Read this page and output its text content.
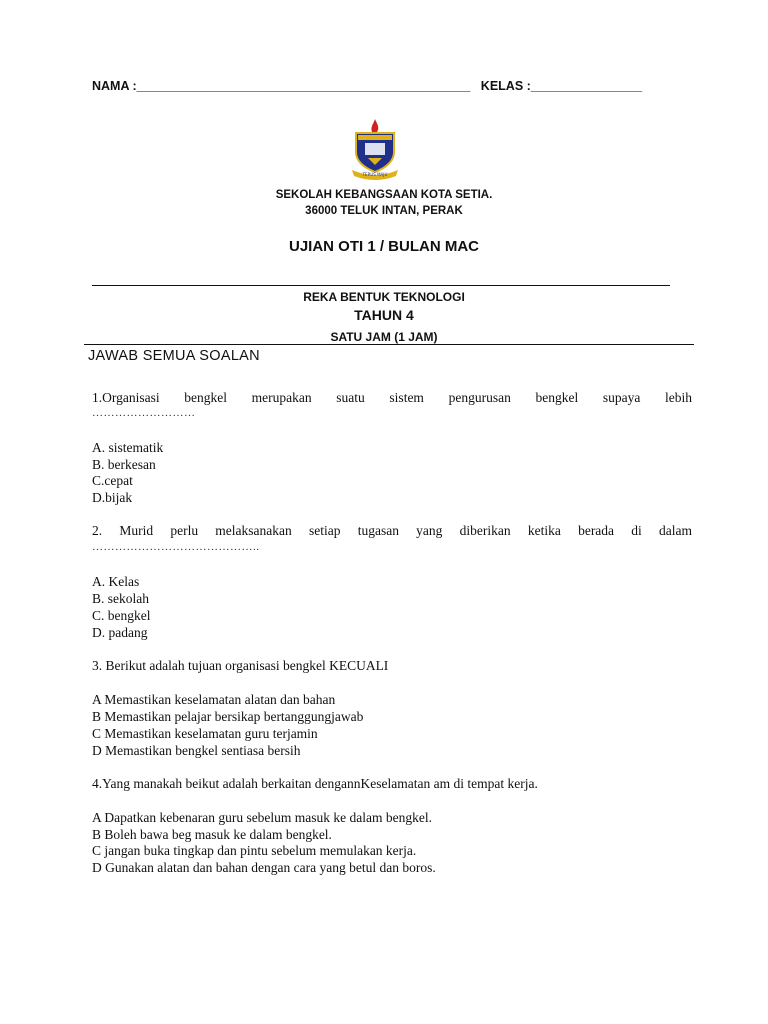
NAMA :________________________________________________ KELAS :________________
TERUS MAJU
SEKOLAH KEBANGSAAN KOTA SETIA.
36000 TELUK INTAN, PERAK
UJIAN OTI 1 / BULAN MAC
REKA BENTUK TEKNOLOGI
TAHUN 4
SATU JAM (1 JAM)
JAWAB SEMUA SOALAN
1.Organisasi bengkel merupakan suatu sistem pengurusan bengkel supaya lebih
………………………
A. sistematik
B. berkesan
C.cepat
D.bijak
2. Murid perlu melaksanakan setiap tugasan yang diberikan ketika berada di dalam
……………………………………..
A. Kelas
B. sekolah
C. bengkel
D. padang
3. Berikut adalah tujuan organisasi bengkel KECUALI
A Memastikan keselamatan alatan dan bahan
B Memastikan pelajar bersikap bertanggungjawab
C Memastikan keselamatan guru terjamin
D Memastikan bengkel sentiasa bersih
4.Yang manakah beikut adalah berkaitan dengannKeselamatan am di tempat kerja.
A Dapatkan kebenaran guru sebelum masuk ke dalam bengkel.
B Boleh bawa beg masuk ke dalam bengkel.
C jangan buka tingkap dan pintu sebelum memulakan kerja.
D Gunakan alatan dan bahan dengan cara yang betul dan boros.
